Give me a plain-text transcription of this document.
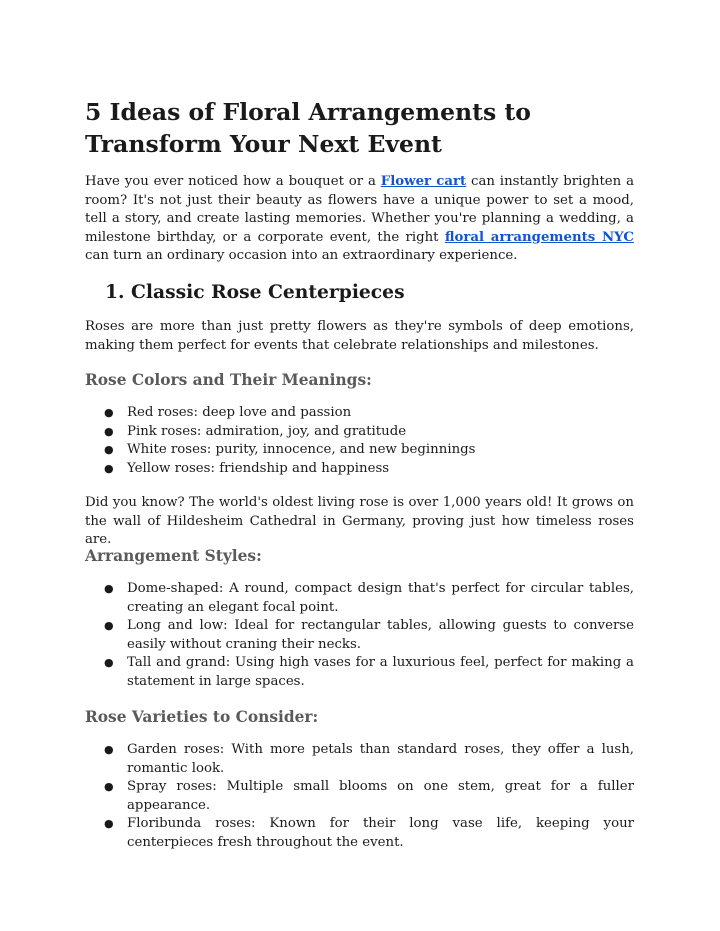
5 Ideas of Floral Arrangements to Transform Your Next Event

Have you ever noticed how a bouquet or a Flower cart can instantly brighten a room? It's not just their beauty as flowers have a unique power to set a mood, tell a story, and create lasting memories. Whether you're planning a wedding, a milestone birthday, or a corporate event, the right floral arrangements NYC can turn an ordinary occasion into an extraordinary experience.

1. Classic Rose Centerpieces

Roses are more than just pretty flowers as they're symbols of deep emotions, making them perfect for events that celebrate relationships and milestones.

Rose Colors and Their Meanings:
● Red roses: deep love and passion
● Pink roses: admiration, joy, and gratitude
● White roses: purity, innocence, and new beginnings
● Yellow roses: friendship and happiness

Did you know? The world's oldest living rose is over 1,000 years old! It grows on the wall of Hildesheim Cathedral in Germany, proving just how timeless roses are.

Arrangement Styles:
● Dome-shaped: A round, compact design that's perfect for circular tables, creating an elegant focal point.
● Long and low: Ideal for rectangular tables, allowing guests to converse easily without craning their necks.
● Tall and grand: Using high vases for a luxurious feel, perfect for making a statement in large spaces.
Rose Varieties to Consider:
● Garden roses: With more petals than standard roses, they offer a lush, romantic look.
● Spray roses: Multiple small blooms on one stem, great for a fuller appearance.
● Floribunda roses: Known for their long vase life, keeping your centerpieces fresh throughout the event.
